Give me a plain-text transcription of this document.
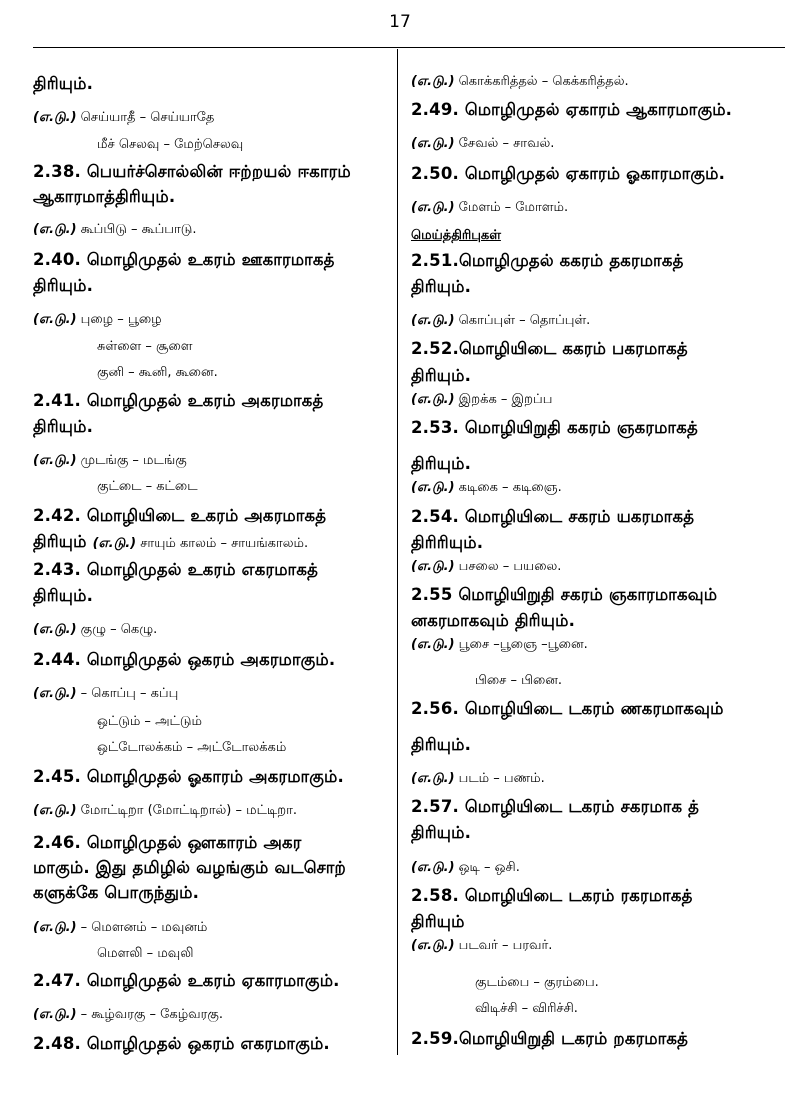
17
திரியும்.
(எ.டு.) செய்யாதீ – செய்யாதே
மீச் செலவு – மேற்செலவு
2.38. பெயர்ச்சொல்லின் ஈற்றயல் ஈகாரம்
ஆகாரமாத்திரியும்.
(எ.டு.) கூப்பிடு – கூப்பாடு.
2.40. மொழிமுதல் உகரம் ஊகாரமாகத்
திரியும்.
(எ.டு.) புழை – பூழை
சுள்ளை – சூளை
குனி – கூனி, கூனை.
2.41. மொழிமுதல் உகரம் அகரமாகத்
திரியும்.
(எ.டு.) முடங்கு – மடங்கு
குட்டை – கட்டை
2.42. மொழியிடை உகரம் அகரமாகத்
திரியும் (எ.டு.) சாயும் காலம் – சாயங்காலம்.
2.43. மொழிமுதல் உகரம் எகரமாகத்
திரியும்.
(எ.டு.) குழு – கெழு.
2.44. மொழிமுதல் ஒகரம் அகரமாகும்.
(எ.டு.) – கொப்பு – கப்பு
ஒட்டும் – அட்டும்
ஒட்டோலக்கம் – அட்டோலக்கம்
2.45. மொழிமுதல் ஓகாரம் அகரமாகும்.
(எ.டு.) மோட்டிறா (மோட்டிறால்) – மட்டிறா.
2.46. மொழிமுதல் ஔகாரம் அகர
மாகும். இது தமிழில் வழங்கும் வடசொற்
களுக்கே பொருந்தும்.
(எ.டு.) – மௌனம் – மவுனம்
மௌலி – மவுலி
2.47. மொழிமுதல் உகரம் ஏகாரமாகும்.
(எ.டு.) – கூழ்வரகு – கேழ்வரகு.
2.48. மொழிமுதல் ஒகரம் எகரமாகும்.
(எ.டு.) கொக்கரித்தல் – கெக்கரித்தல்.
2.49. மொழிமுதல் ஏகாரம் ஆகாரமாகும்.
(எ.டு.) சேவல் – சாவல்.
2.50. மொழிமுதல் ஏகாரம் ஓகாரமாகும்.
(எ.டு.) மேளம் – மோளம்.
மெய்த்திரிபுகள்
2.51.மொழிமுதல் ககரம் தகரமாகத்
திரியும்.
(எ.டு.) கொப்புள் – தொப்புள்.
2.52.மொழியிடை ககரம் பகரமாகத்
திரியும்.
(எ.டு.) இறக்க – இறப்ப
2.53. மொழியிறுதி ககரம் ஞகரமாகத்
திரியும்.
(எ.டு.) கடிகை – கடிஞை.
2.54. மொழியிடை சகரம் யகரமாகத்
திரிரியும்.
(எ.டு.) பசலை – பயலை.
2.55 மொழியிறுதி சகரம் ஞகாரமாகவும்
னகரமாகவும் திரியும்.
(எ.டு.) பூசை –பூஞை –பூனை.
பிசை – பினை.
2.56. மொழியிடை டகரம் ணகரமாகவும்
திரியும்.
(எ.டு.) படம் – பணம்.
2.57. மொழியிடை டகரம் சகரமாக த்
திரியும்.
(எ.டு.) ஒடி – ஒசி.
2.58. மொழியிடை டகரம் ரகரமாகத்
திரியும்
(எ.டு.) படவர் – பரவர்.
குடம்பை – குரம்பை.
விடிச்சி – விரிச்சி.
2.59.மொழியிறுதி டகரம் றகரமாகத்
